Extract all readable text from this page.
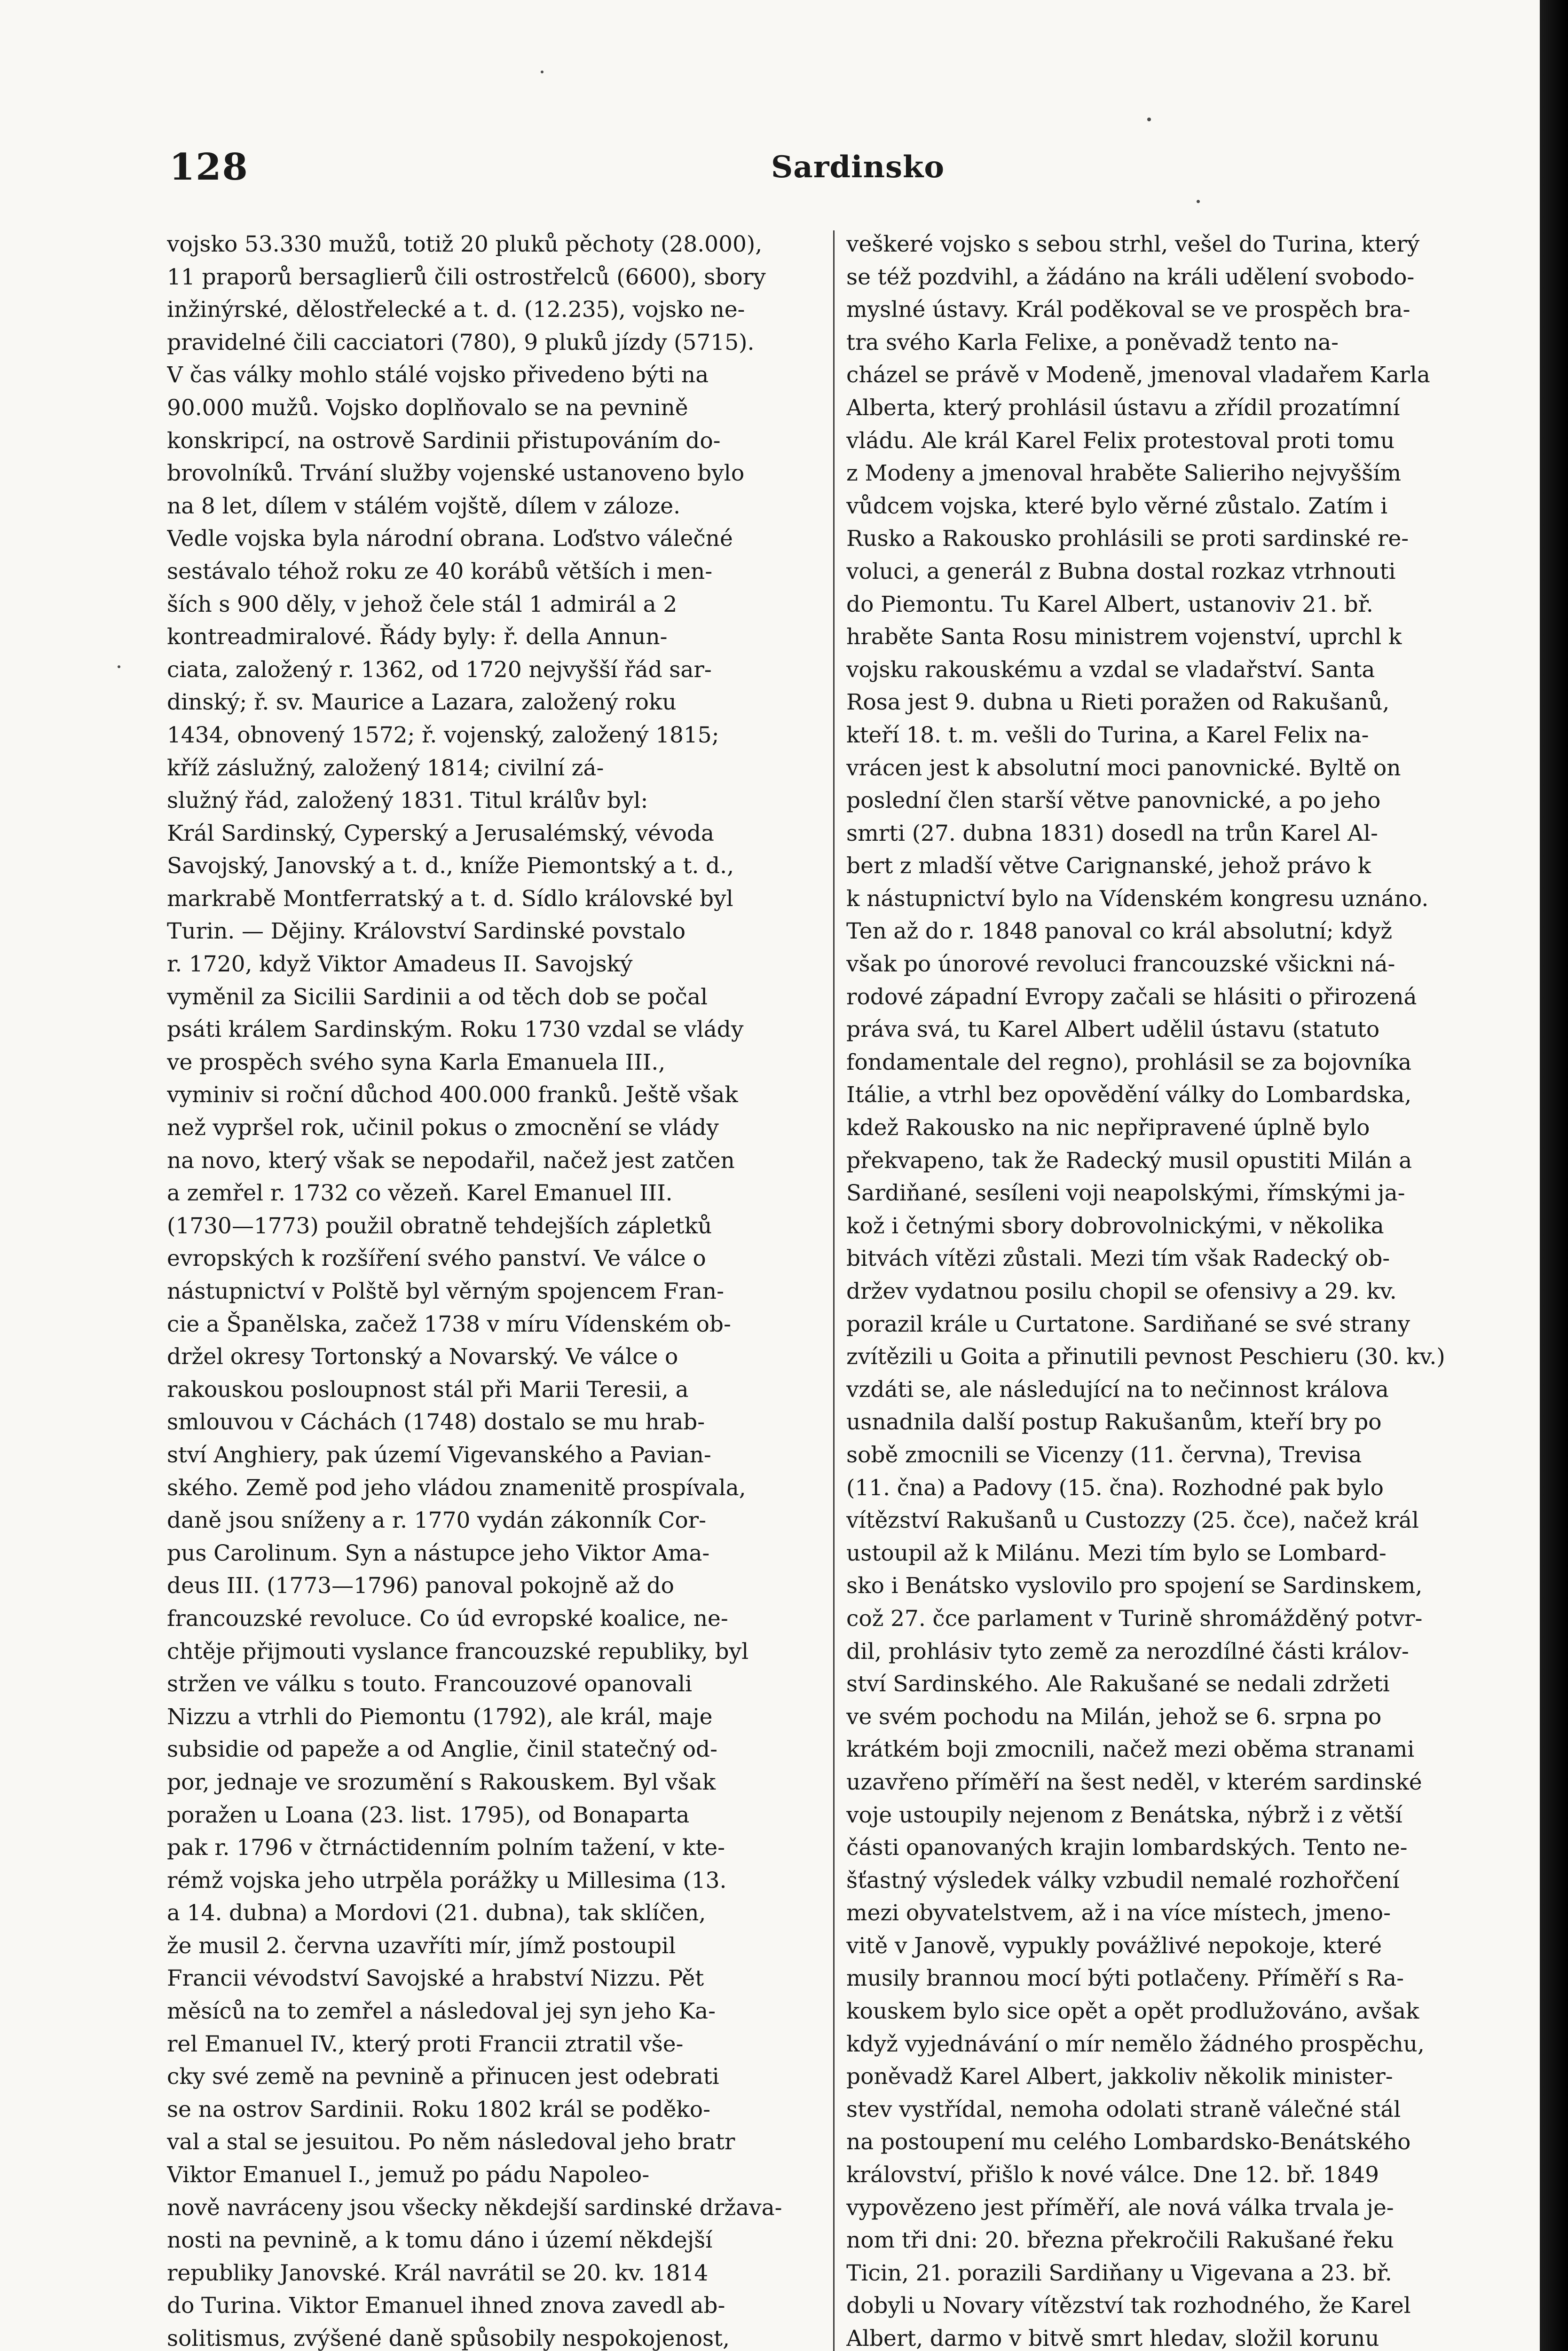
128	Sardinsko
vojsko 53.330 mužů, totiž 20 pluků pěchoty (28.000),
11 praporů bersaglierů čili ostrostřelců (6600), sbory
inžinýrské, dělostřelecké a t. d. (12.235), vojsko ne-
pravidelné čili cacciatori (780), 9 pluků jízdy (5715).
V čas války mohlo stálé vojsko přivedeno býti na
90.000 mužů. Vojsko doplňovalo se na pevnině
konskripcí, na ostrově Sardinii přistupováním do-
brovolníků. Trvání služby vojenské ustanoveno bylo
na 8 let, dílem v stálém vojště, dílem v záloze.
Vedle vojska byla národní obrana. Loďstvo válečné
sestávalo téhož roku ze 40 korábů větších i men-
ších s 900 děly, v jehož čele stál 1 admirál a 2
kontreadmiralové. Řády byly: ř. della Annun-
ciata, založený r. 1362, od 1720 nejvyšší řád sar-
dinský; ř. sv. Maurice a Lazara, založený roku
1434, obnovený 1572; ř. vojenský, založený 1815;
kříž záslužný, založený 1814; civilní zá-
služný řád, založený 1831. Titul králův byl:
Král Sardinský, Cyperský a Jerusalémský, vévoda
Savojský, Janovský a t. d., kníže Piemontský a t. d.,
markrabě Montferratský a t. d. Sídlo královské byl
Turin. — Dějiny. Království Sardinské povstalo
r. 1720, když Viktor Amadeus II. Savojský
vyměnil za Sicilii Sardinii a od těch dob se počal
psáti králem Sardinským. Roku 1730 vzdal se vlády
ve prospěch svého syna Karla Emanuela III.,
vyminiv si roční důchod 400.000 franků. Ještě však
než vypršel rok, učinil pokus o zmocnění se vlády
na novo, který však se nepodařil, načež jest zatčen
a zemřel r. 1732 co vězeň. Karel Emanuel III.
(1730—1773) použil obratně tehdejších zápletků
evropských k rozšíření svého panství. Ve válce o
nástupnictví v Polště byl věrným spojencem Fran-
cie a Španělska, začež 1738 v míru Vídenském ob-
držel okresy Tortonský a Novarský. Ve válce o
rakouskou posloupnost stál při Marii Teresii, a
smlouvou v Cáchách (1748) dostalo se mu hrab-
ství Anghiery, pak území Vigevanského a Pavian-
ského. Země pod jeho vládou znamenitě prospívala,
daně jsou sníženy a r. 1770 vydán zákonník Cor-
pus Carolinum. Syn a nástupce jeho Viktor Ama-
deus III. (1773—1796) panoval pokojně až do
francouzské revoluce. Co úd evropské koalice, ne-
chtěje přijmouti vyslance francouzské republiky, byl
stržen ve válku s touto. Francouzové opanovali
Nizzu a vtrhli do Piemontu (1792), ale král, maje
subsidie od papeže a od Anglie, činil statečný od-
por, jednaje ve srozumění s Rakouskem. Byl však
poražen u Loana (23. list. 1795), od Bonaparta
pak r. 1796 v čtrnáctidenním polním tažení, v kte-
rémž vojska jeho utrpěla porážky u Millesima (13.
a 14. dubna) a Mordovi (21. dubna), tak sklíčen,
že musil 2. června uzavříti mír, jímž postoupil
Francii vévodství Savojské a hrabství Nizzu. Pět
měsíců na to zemřel a následoval jej syn jeho Ka-
rel Emanuel IV., který proti Francii ztratil vše-
cky své země na pevnině a přinucen jest odebrati
se na ostrov Sardinii. Roku 1802 král se poděko-
val a stal se jesuitou. Po něm následoval jeho bratr
Viktor Emanuel I., jemuž po pádu Napoleo-
nově navráceny jsou všecky někdejší sardinské država-
nosti na pevnině, a k tomu dáno i území někdejší
republiky Janovské. Král navrátil se 20. kv. 1814
do Turina. Viktor Emanuel ihned znova zavedl ab-
solitismus, zvýšené daně spůsobily nespokojenost,
veškeré vojsko s sebou strhl, vešel do Turina, který
se též pozdvihl, a žádáno na králi udělení svobodo-
myslné ústavy. Král poděkoval se ve prospěch bra-
tra svého Karla Felixe, a poněvadž tento na-
cházel se právě v Modeně, jmenoval vladařem Karla
Alberta, který prohlásil ústavu a zřídil prozatímní
vládu. Ale král Karel Felix protestoval proti tomu
z Modeny a jmenoval hraběte Salieriho nejvyšším
vůdcem vojska, které bylo věrné zůstalo. Zatím i
Rusko a Rakousko prohlásili se proti sardinské re-
voluci, a generál z Bubna dostal rozkaz vtrhnouti
do Piemontu. Tu Karel Albert, ustanoviv 21. bř.
hraběte Santa Rosu ministrem vojenství, uprchl k
vojsku rakouskému a vzdal se vladařství. Santa
Rosa jest 9. dubna u Rieti poražen od Rakušanů,
kteří 18. t. m. vešli do Turina, a Karel Felix na-
vrácen jest k absolutní moci panovnické. Byltě on
poslední člen starší větve panovnické, a po jeho
smrti (27. dubna 1831) dosedl na trůn Karel Al-
bert z mladší větve Carignanské, jehož právo k
k nástupnictví bylo na Vídenském kongresu uznáno.
Ten až do r. 1848 panoval co král absolutní; když
však po únorové revoluci francouzské všickni ná-
rodové západní Evropy začali se hlásiti o přirozená
práva svá, tu Karel Albert udělil ústavu (statuto
fondamentale del regno), prohlásil se za bojovníka
Itálie, a vtrhl bez opovědění války do Lombardska,
kdež Rakousko na nic nepřipravené úplně bylo
překvapeno, tak že Radecký musil opustiti Milán a
Sardiňané, sesíleni voji neapolskými, římskými ja-
kož i četnými sbory dobrovolnickými, v několika
bitvách vítězi zůstali. Mezi tím však Radecký ob-
držev vydatnou posilu chopil se ofensivy a 29. kv.
porazil krále u Curtatone. Sardiňané se své strany
zvítězili u Goita a přinutili pevnost Peschieru (30. kv.)
vzdáti se, ale následující na to nečinnost králova
usnadnila další postup Rakušanům, kteří bry po
sobě zmocnili se Vicenzy (11. června), Trevisa
(11. čna) a Padovy (15. čna). Rozhodné pak bylo
vítězství Rakušanů u Custozzy (25. čce), načež král
ustoupil až k Milánu. Mezi tím bylo se Lombard-
sko i Benátsko vyslovilo pro spojení se Sardinskem,
což 27. čce parlament v Turině shromážděný potvr-
dil, prohlásiv tyto země za nerozdílné části králov-
ství Sardinského. Ale Rakušané se nedali zdržeti
ve svém pochodu na Milán, jehož se 6. srpna po
krátkém boji zmocnili, načež mezi oběma stranami
uzavřeno příměří na šest neděl, v kterém sardinské
voje ustoupily nejenom z Benátska, nýbrž i z větší
části opanovaných krajin lombardských. Tento ne-
šťastný výsledek války vzbudil nemalé rozhořčení
mezi obyvatelstvem, až i na více místech, jmeno-
vitě v Janově, vypukly povážlivé nepokoje, které
musily brannou mocí býti potlačeny. Příměří s Ra-
kouskem bylo sice opět a opět prodlužováno, avšak
když vyjednávání o mír nemělo žádného prospěchu,
poněvadž Karel Albert, jakkoliv několik minister-
stev vystřídal, nemoha odolati straně válečné stál
na postoupení mu celého Lombardsko-Benátského
království, přišlo k nové válce. Dne 12. bř. 1849
vypovězeno jest příměří, ale nová válka trvala je-
nom tři dni: 20. března překročili Rakušané řeku
Ticin, 21. porazili Sardiňany u Vigevana a 23. bř.
dobyli u Novary vítězství tak rozhodného, že Karel
Albert, darmo v bitvě smrt hledav, složil korunu
